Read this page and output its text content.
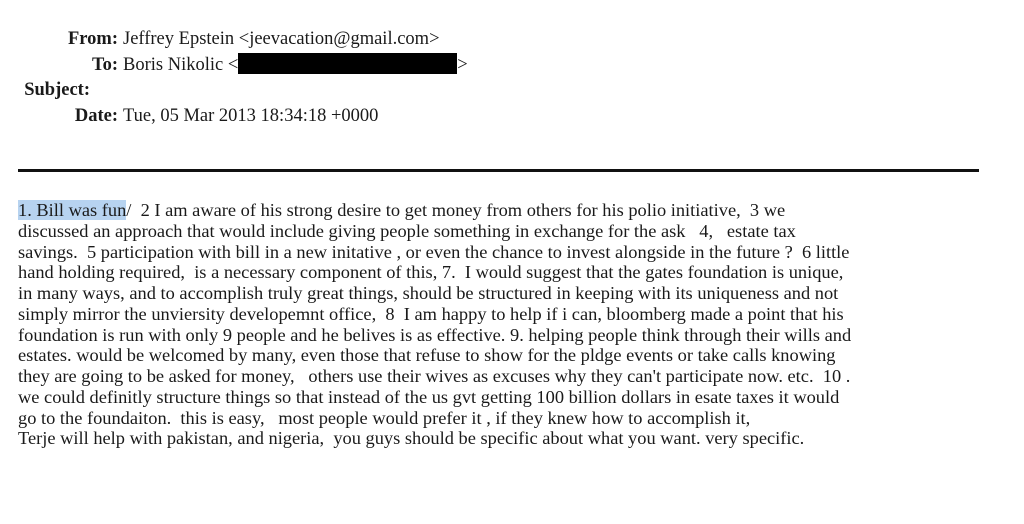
From: Jeffrey Epstein <jeevacation@gmail.com>
To: Boris Nikolic <	>
Subject:
Date: Tue, 05 Mar 2013 18:34:18 +0000
1. Bill was fun/  2 I am aware of his strong desire to get money from others for his polio initiative,  3 we
discussed an approach that would include giving people something in exchange for the ask   4,   estate tax
savings.  5 participation with bill in a new initative , or even the chance to invest alongside in the future ?  6 little
hand holding required,  is a necessary component of this, 7.  I would suggest that the gates foundation is unique,
in many ways, and to accomplish truly great things, should be structured in keeping with its uniqueness and not
simply mirror the unviersity developemnt office,  8  I am happy to help if i can, bloomberg made a point that his
foundation is run with only 9 people and he belives is as effective. 9. helping people think through their wills and
estates. would be welcomed by many, even those that refuse to show for the pldge events or take calls knowing
they are going to be asked for money,   others use their wives as excuses why they can't participate now. etc.  10 .
we could definitly structure things so that instead of the us gvt getting 100 billion dollars in esate taxes it would
go to the foundaiton.  this is easy,   most people would prefer it , if they knew how to accomplish it,
Terje will help with pakistan, and nigeria,  you guys should be specific about what you want. very specific.
